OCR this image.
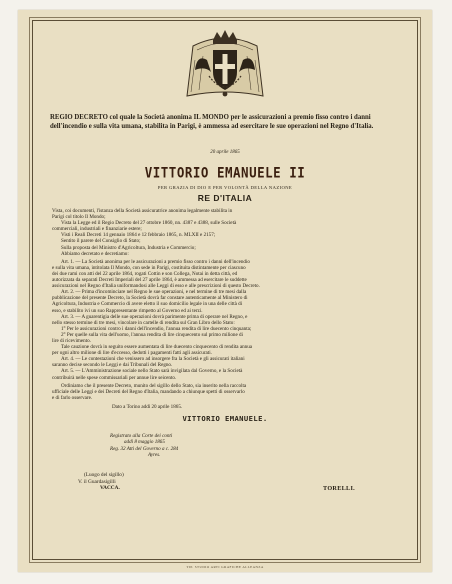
REGIO DECRETO col quale la Società anonima IL MONDO per le assicurazioni a premio fisso contro i danni dell'incendio e sulla vita umana, stabilita in Parigi, è ammessa ad esercitare le sue operazioni nel Regno d'Italia.

20 aprile 1865

VITTORIO EMANUELE II

PER GRAZIA DI DIO E PER VOLONTÀ DELLA NAZIONE

RE D'ITALIA

Vista, coi documenti, l'istanza della Società assicuratrice anonima legalmente stabilita in
Parigi col titolo Il Mondo;
Vista la Legge ed il Regio Decreto del 27 ottobre 1860, nn. 4387 e 4388, sulle Società
commerciali, industriali e finanziarie estere;
Visti i Reali Decreti 14 gennaio 1864 e 12 febbraio 1865, n. MLXII e 2157;
Sentito il parere del Consiglio di Stato;
Sulla proposta del Ministro d'Agricoltura, Industria e Commercio;
Abbiamo decretato e decretiamo:
Art. 1. — La Società anonima per le assicurazioni a premio fisso contro i danni dell'incendio
e sulla vita umana, intitolata Il Mondo, con sede in Parigi, costituita distintamente per ciascuno
dei due rami con atti del 22 aprile 1864, rogati Cottin e son Collega, Notai in detta città, ed
autorizzata da separati Decreti Imperiali del 27 aprile 1864, è ammessa ad esercitare le suddette
assicurazioni nel Regno d'Italia uniformandosi alle Leggi di esso e alle prescrizioni di questo Decreto.
Art. 2. — Prima d'incominciare nel Regno le sue operazioni, e nel termine di tre mesi dalla
pubblicazione del presente Decreto, la Società dovrà far constare autenticamente al Ministero di
Agricoltura, Industria e Commercio di avere eletto il suo domicilio legale in una delle città di
esso, e stabilito ivi un suo Rappresentante rimpetto al Governo ed ai terzi.
Art. 3. — A guarentigia delle sue operazioni dovrà parimente prima di operare nel Regno, e
nello stesso termine di tre mesi, vincolare in cartelle di rendita sul Gran Libro dello Stato:
1° Per le assicurazioni contro i danni dell'incendio, l'annua rendita di lire duecento cinquanta;
2° Per quelle sulla vita dell'uomo, l'annua rendita di lire cinquecento sul primo milione di
lire di ricevimento.
Tale cauzione dovrà in seguito essere aumentata di lire duecento cinquecento di rendita annua
per ogni altro milione di lire d'eccesso, dedotti i pagamenti fatti agli assicurati.
Art. 4. — Le contestazioni che venissero ad insorgere fra la Società e gli assicurati italiani
saranno decise secondo le Leggi e dai Tribunali del Regno.
Art. 5. — L'Amministrazione sociale nello Stato sarà invigilata dal Governo, e la Società
contribuirà nelle spese commissariali per annue lire seicento.
Ordiniamo che il presente Decreto, munito del sigillo dello Stato, sia inserito nella raccolta
ufficiale delle Leggi e dei Decreti del Regno d'Italia, mandando a chiunque spetti di osservarlo
e di farlo osservare.
Dato a Torino addì 20 aprile 1865.

VITTORIO EMANUELE.

Registrato alla Corte dei conti
addì 8 maggio 1865
Reg. 32 Atti del Governo a c. 284
Ayres.
(Luogo del sigillo)
V. il Guardasigilli
VACCA.	TORELLI.

TIP. STUDIO ARTI GRAFICHE ALLEANZA
